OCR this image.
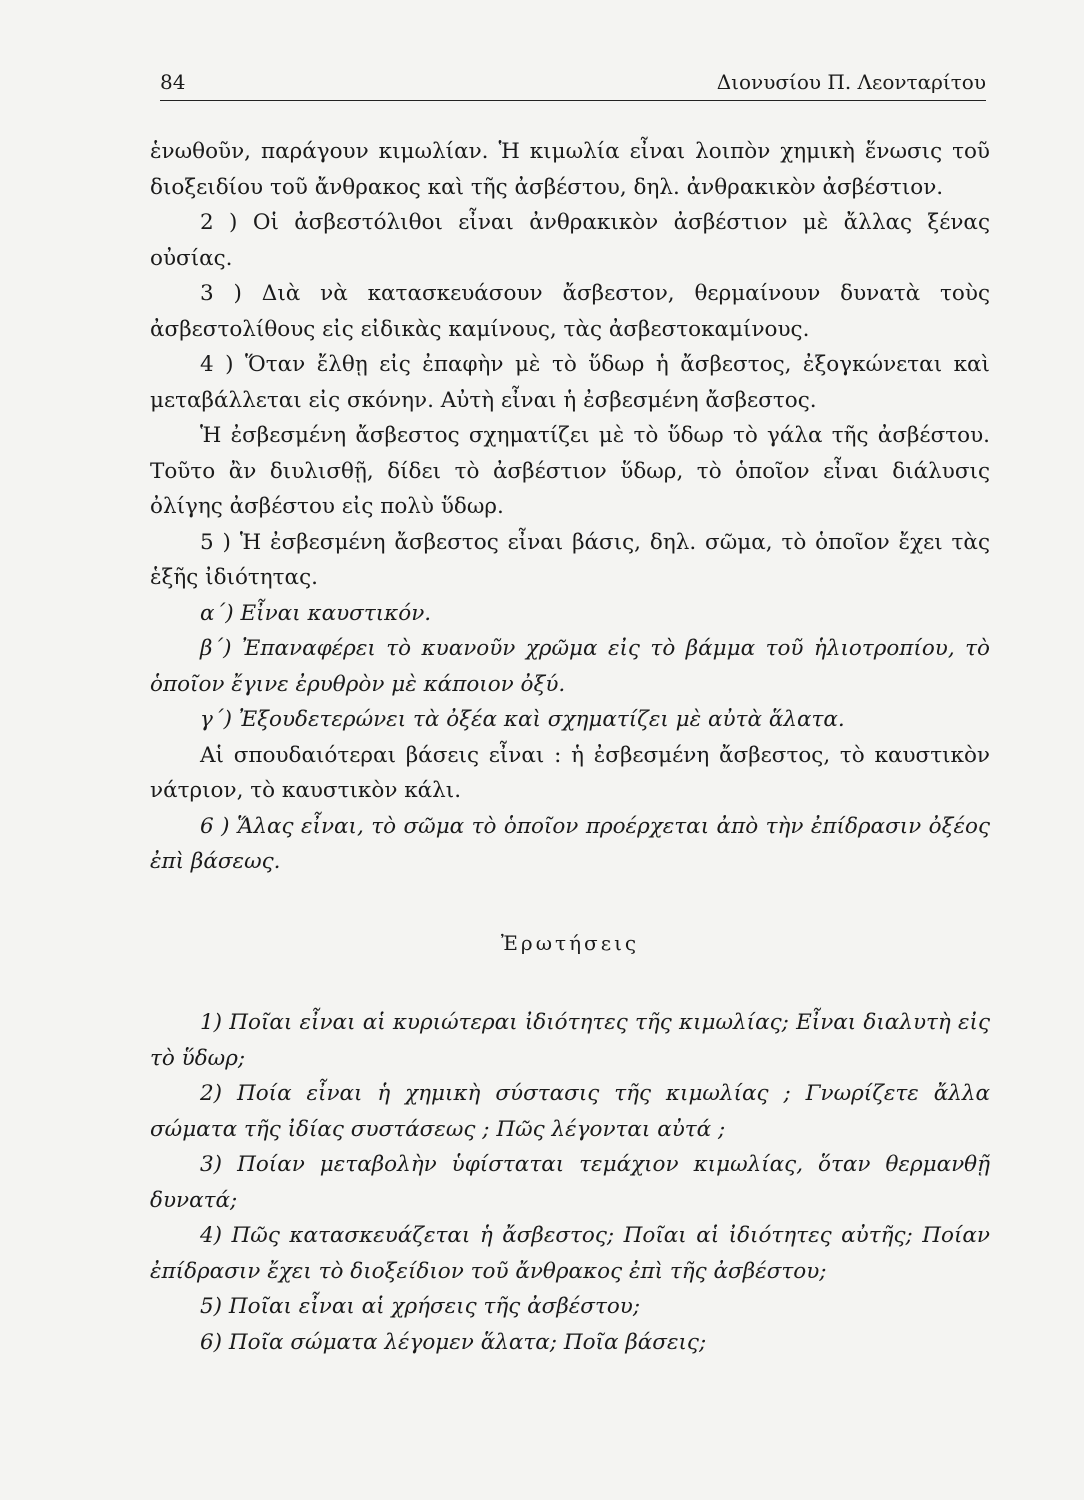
84	Διονυσίου Π. Λεονταρίτου

ἑνωθοῦν, παράγουν κιμωλίαν. Ἡ κιμωλία εἶναι λοιπὸν χημικὴ ἕνωσις τοῦ διοξειδίου τοῦ ἄνθρακος καὶ τῆς ἀσβέστου, δηλ. ἀνθρακικὸν ἀσβέστιον.

2 ) Οἱ ἀσβεστόλιθοι εἶναι ἀνθρακικὸν ἀσβέστιον μὲ ἄλλας ξένας οὐσίας.

3 ) Διὰ νὰ κατασκευάσουν ἄσβεστον, θερμαίνουν δυνατὰ τοὺς ἀσβεστολίθους εἰς εἰδικὰς καμίνους, τὰς ἀσβεστοκαμίνους.

4 ) Ὅταν ἔλθῃ εἰς ἐπαφὴν μὲ τὸ ὕδωρ ἡ ἄσβεστος, ἐξογκώνεται καὶ μεταβάλλεται εἰς σκόνην. Αὐτὴ εἶναι ἡ ἐσβεσμένη ἄσβεστος.

Ἡ ἐσβεσμένη ἄσβεστος σχηματίζει μὲ τὸ ὕδωρ τὸ γάλα τῆς ἀσβέστου. Τοῦτο ἂν διυλισθῇ, δίδει τὸ ἀσβέστιον ὕδωρ, τὸ ὁποῖον εἶναι διάλυσις ὀλίγης ἀσβέστου εἰς πολὺ ὕδωρ.

5 ) Ἡ ἐσβεσμένη ἄσβεστος εἶναι βάσις, δηλ. σῶμα, τὸ ὁποῖον ἔχει τὰς ἑξῆς ἰδιότητας.

α΄) Εἶναι καυστικόν.

β΄) Ἐπαναφέρει τὸ κυανοῦν χρῶμα εἰς τὸ βάμμα τοῦ ἡλιοτροπίου, τὸ ὁποῖον ἔγινε ἐρυθρὸν μὲ κάποιον ὀξύ.

γ΄) Ἐξουδετερώνει τὰ ὀξέα καὶ σχηματίζει μὲ αὐτὰ ἅλατα.

Αἱ σπουδαιότεραι βάσεις εἶναι : ἡ ἐσβεσμένη ἄσβεστος, τὸ καυστικὸν νάτριον, τὸ καυστικὸν κάλι.

6 ) Ἅλας εἶναι, τὸ σῶμα τὸ ὁποῖον προέρχεται ἀπὸ τὴν ἐπίδρασιν ὀξέος ἐπὶ βάσεως.

Ἐρωτήσεις

1) Ποῖαι εἶναι αἱ κυριώτεραι ἰδιότητες τῆς κιμωλίας; Εἶναι διαλυτὴ εἰς τὸ ὕδωρ;

2) Ποία εἶναι ἡ χημικὴ σύστασις τῆς κιμωλίας ; Γνωρίζετε ἄλλα σώματα τῆς ἰδίας συστάσεως ; Πῶς λέγονται αὐτά ;

3) Ποίαν μεταβολὴν ὑφίσταται τεμάχιον κιμωλίας, ὅταν θερμανθῇ δυνατά;

4) Πῶς κατασκευάζεται ἡ ἄσβεστος; Ποῖαι αἱ ἰδιότητες αὐτῆς; Ποίαν ἐπίδρασιν ἔχει τὸ διοξείδιον τοῦ ἄνθρακος ἐπὶ τῆς ἀσβέστου;

5) Ποῖαι εἶναι αἱ χρήσεις τῆς ἀσβέστου;

6) Ποῖα σώματα λέγομεν ἅλατα; Ποῖα βάσεις;
